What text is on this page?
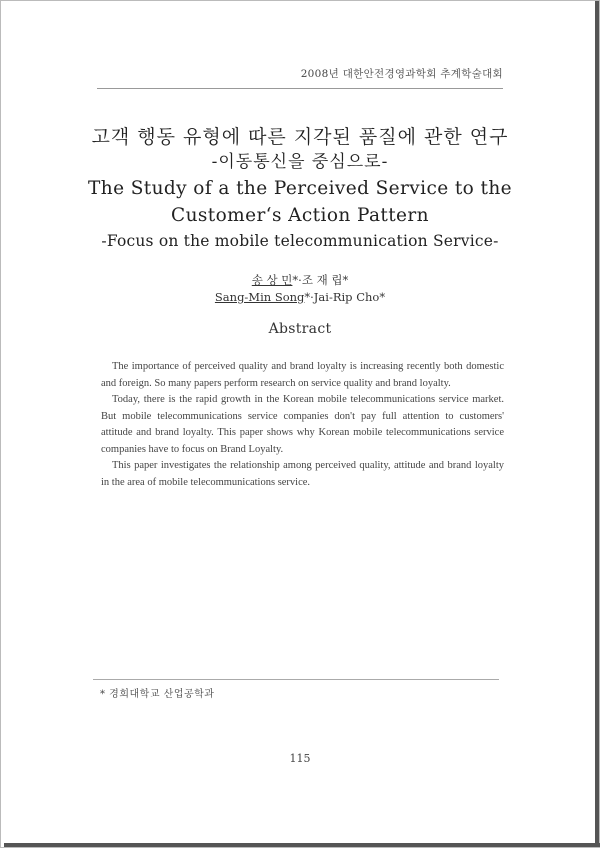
2008년 대한안전경영과학회 추계학술대회
고객 행동 유형에 따른 지각된 품질에 관한 연구
-이동통신을 중심으로-
The Study of a the Perceived Service to the
Customer‘s Action Pattern
-Focus on the mobile telecommunication Service-
송 상 민*·조 재 립*
Sang-Min Song*·Jai-Rip Cho*
Abstract

The importance of perceived quality and brand loyalty is increasing recently both domestic and foreign. So many papers perform research on service quality and brand loyalty.

Today, there is the rapid growth in the Korean mobile telecommunications service market. But mobile telecommunications service companies don't pay full attention to customers' attitude and brand loyalty. This paper shows why Korean mobile telecommunications service companies have to focus on Brand Loyalty.

This paper investigates the relationship among perceived quality, attitude and brand loyalty in the area of mobile telecommunications service.

* 경희대학교 산업공학과
115
